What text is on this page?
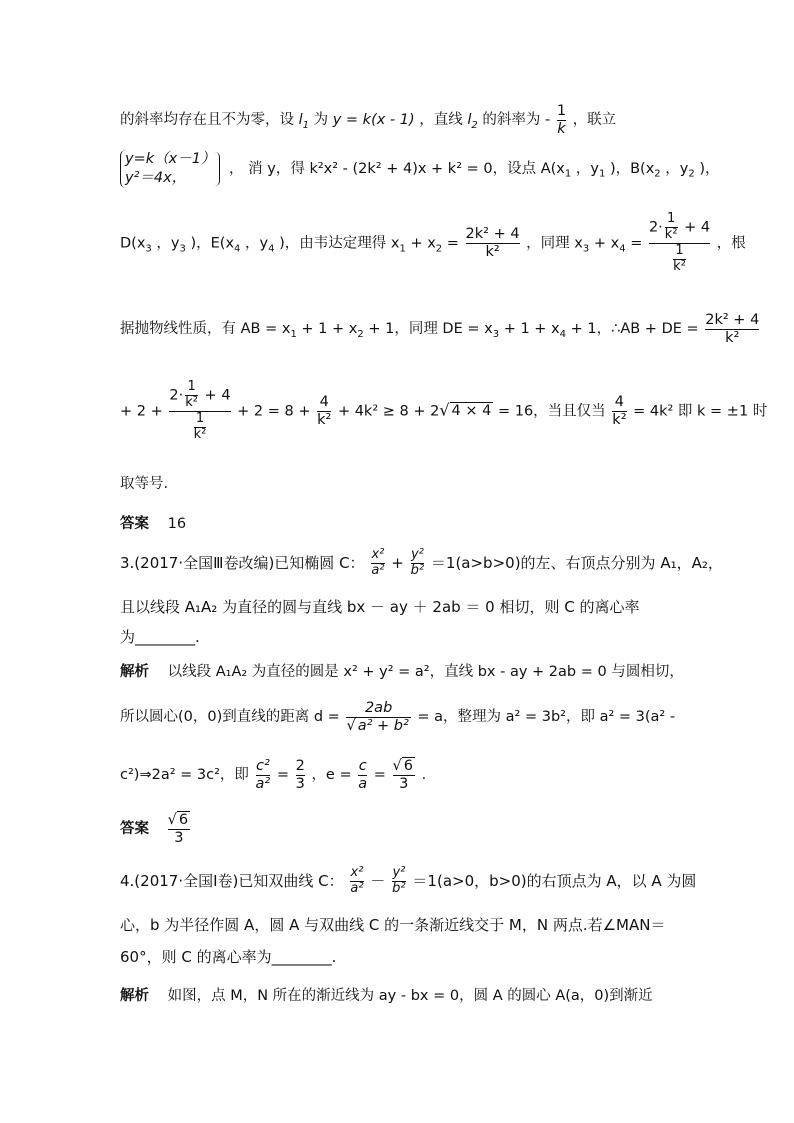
的斜率均存在且不为零，设 $l_1$ 为 y = k(x - 1) ，直线 $l_2$ 的斜率为 - $\frac{1}{k}$ ，联立
y=k（x－1）
y²＝4x，
， 消 y，得 k²x² - (2k² + 4)x + k² = 0，设点 $A(x_1$ ，$y_1$ )，$B(x_2$ ，$y_2$ )，
$D(x_3$ ，$y_3$ )，$E(x_4$ ，$y_4$ )，由韦达定理得 $x_1 + x_2 = \frac{\text{2k² + 4}}{\text{k²}}$ ，同理 $x_3 + x_4 = \frac{2\cdot \frac{1}{\text{k²}} + 4}{\frac{1}{\text{k²}}}$ ，根
据抛物线性质，有 AB = $x_1 + 1 + x_2 + 1$，同理 DE = $x_3 + 1 + x_4 + 1$，∴AB + DE = $\frac{\text{2k² + 4}}{\text{k²}}$
+ $2 + \frac{2\cdot \frac{1}{\text{k²}} + 4}{\frac{1}{\text{k²}}} + 2 = 8 + \frac{4}{\text{k²}} + 4k^2 \ge 8 + 2√$ 4 × 4 = 16，当且仅当 $\frac{4}{\text{k²}} = 4k^2$ 即 k = ±1 时
取等号.
答案 16
3.(2017·全国Ⅲ卷改编)已知椭圆 C： $\frac{\text{x²}}{\text{a²}} + \frac{\text{y²}}{\text{b²}} =1(a>b>0)$的左、右顶点分别为 A₁，A₂，
且以线段 A₁A₂ 为直径的圆与直线 bx － ay ＋ 2ab ＝ 0 相切，则 C 的离心率
为________.
解析 以线段 A₁A₂ 为直径的圆是 x² + y² = a²，直线 bx - ay + 2ab = 0 与圆相切，
所以圆心(0，0)到直线的距离 $d = \frac{2ab}{\text{√ a² + b²}} = a$，整理为 a² = 3b²，即 a² = 3(a² -
c²)⇒2a² = 3c²，即 $\frac{\text{c²}}{\text{a²}} = \frac{2}{3}$ ，$e = \frac{c}{a} = \frac{√ 6}{3}$ .
答案 $\frac{√ 6}{3}$
4.(2017·全国Ⅰ卷)已知双曲线 C： $\frac{\text{x²}}{\text{a²}} - \frac{\text{y²}}{\text{b²}} =1(a>0$，b>0)的右顶点为 A，以 A 为圆
心，b 为半径作圆 A，圆 A 与双曲线 C 的一条渐近线交于 M，N 两点.若∠MAN＝
60°，则 C 的离心率为________.
解析 如图，点 M，N 所在的渐近线为 ay - bx = 0，圆 A 的圆心 A(a，0)到渐近
